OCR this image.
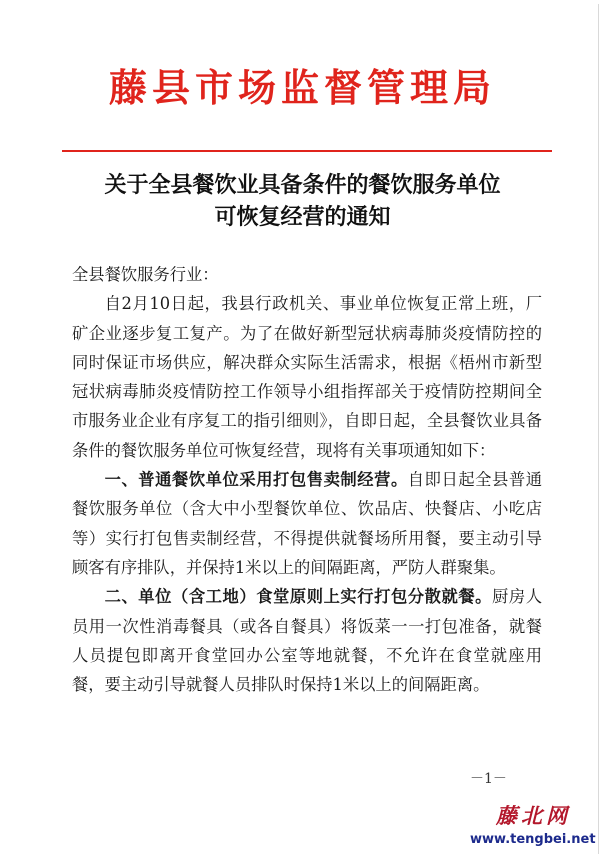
藤县市场监督管理局
关于全县餐饮业具备条件的餐饮服务单位
可恢复经营的通知

全县餐饮服务行业：

自2月10日起，我县行政机关、事业单位恢复正常上班，厂矿企业逐步复工复产。为了在做好新型冠状病毒肺炎疫情防控的同时保证市场供应，解决群众实际生活需求，根据《梧州市新型冠状病毒肺炎疫情防控工作领导小组指挥部关于疫情防控期间全市服务业企业有序复工的指引细则》，自即日起，全县餐饮业具备条件的餐饮服务单位可恢复经营，现将有关事项通知如下：

一、普通餐饮单位采用打包售卖制经营。自即日起全县普通餐饮服务单位（含大中小型餐饮单位、饮品店、快餐店、小吃店等）实行打包售卖制经营，不得提供就餐场所用餐，要主动引导顾客有序排队，并保持1米以上的间隔距离，严防人群聚集。

二、单位（含工地）食堂原则上实行打包分散就餐。厨房人员用一次性消毒餐具（或各自餐具）将饭菜一一打包准备，就餐人员提包即离开食堂回办公室等地就餐，不允许在食堂就座用餐，要主动引导就餐人员排队时保持1米以上的间隔距离。

－1－
藤北网
www.tengbei.net
